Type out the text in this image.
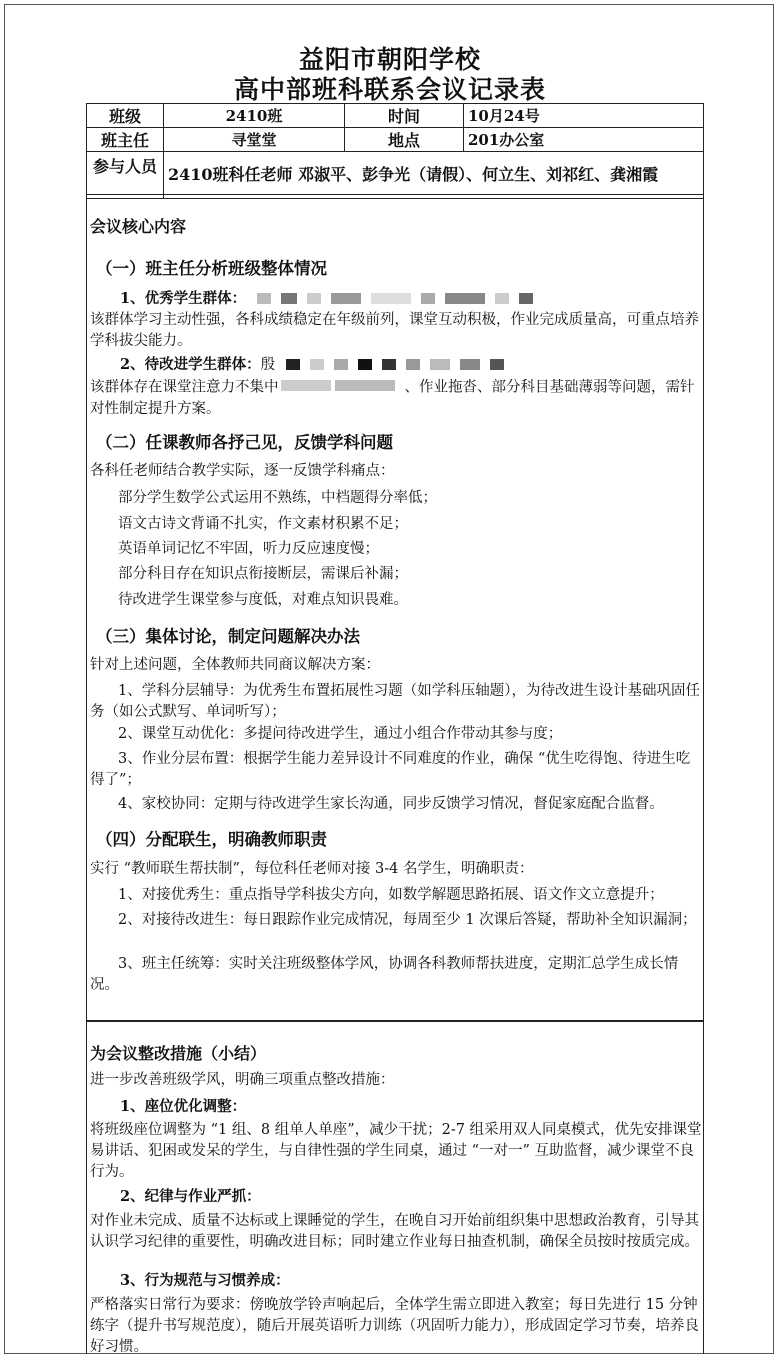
益阳市朝阳学校
高中部班科联系会议记录表
班级	2410班	时间	10月24号
班主任	寻堂堂	地点	201办公室
参与人员	2410班科任老师 邓淑平、彭争光（请假）、何立生、刘祁红、龚湘霞		
会议核心内容
（一）班主任分析班级整体情况
1、优秀学生群体：
该群体学习主动性强，各科成绩稳定在年级前列，课堂互动积极，作业完成质量高，可重点培养学科拔尖能力。
2、待改进学生群体：殷
该群体存在课堂注意力不集中	、作业拖沓、部分科目基础薄弱等问题，需针对性制定提升方案。
（二）任课教师各抒己见，反馈学科问题
各科任老师结合教学实际，逐一反馈学科痛点：
部分学生数学公式运用不熟练，中档题得分率低；
语文古诗文背诵不扎实，作文素材积累不足；
英语单词记忆不牢固，听力反应速度慢；
部分科目存在知识点衔接断层，需课后补漏；
待改进学生课堂参与度低，对难点知识畏难。
（三）集体讨论，制定问题解决办法
针对上述问题，全体教师共同商议解决方案：
1、学科分层辅导：为优秀生布置拓展性习题（如学科压轴题），为待改进生设计基础巩固任务（如公式默写、单词听写）；
2、课堂互动优化：多提问待改进学生，通过小组合作带动其参与度；
3、作业分层布置：根据学生能力差异设计不同难度的作业，确保 “优生吃得饱、待进生吃得了”；
4、家校协同：定期与待改进学生家长沟通，同步反馈学习情况，督促家庭配合监督。
（四）分配联生，明确教师职责
实行 “教师联生帮扶制”，每位科任老师对接 3-4 名学生，明确职责：
1、对接优秀生：重点指导学科拔尖方向，如数学解题思路拓展、语文作文立意提升；
2、对接待改进生：每日跟踪作业完成情况，每周至少 1 次课后答疑，帮助补全知识漏洞；
3、班主任统筹：实时关注班级整体学风，协调各科教师帮扶进度，定期汇总学生成长情况。
为会议整改措施（小结）
进一步改善班级学风，明确三项重点整改措施：
1、座位优化调整：
将班级座位调整为 “1 组、8 组单人单座”，减少干扰；2-7 组采用双人同桌模式，优先安排课堂易讲话、犯困或发呆的学生，与自律性强的学生同桌，通过 “一对一” 互助监督，减少课堂不良行为。
2、纪律与作业严抓：
对作业未完成、质量不达标或上课睡觉的学生，在晚自习开始前组织集中思想政治教育，引导其认识学习纪律的重要性，明确改进目标；同时建立作业每日抽查机制，确保全员按时按质完成。
3、行为规范与习惯养成：
严格落实日常行为要求：傍晚放学铃声响起后，全体学生需立即进入教室；每日先进行 15 分钟练字（提升书写规范度），随后开展英语听力训练（巩固听力能力），形成固定学习节奏，培养良好习惯。
